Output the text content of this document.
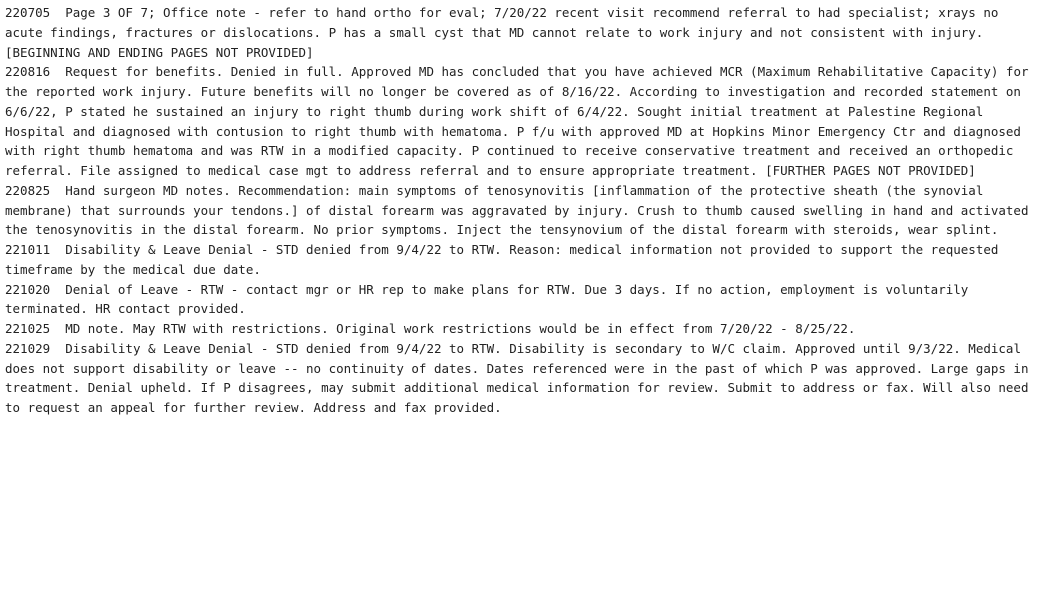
220705	Page 3 OF 7; Office note - refer to hand ortho for eval; 7/20/22 recent visit recommend referral to had specialist; xrays no acute findings, fractures or dislocations. P has a small cyst that MD cannot relate to work injury and not consistent with injury. [BEGINNING AND ENDING PAGES NOT PROVIDED]
220816	Request for benefits. Denied in full. Approved MD has concluded that you have achieved MCR (Maximum Rehabilitative Capacity) for the reported work injury. Future benefits will no longer be covered as of 8/16/22. According to investigation and recorded statement on 6/6/22, P stated he sustained an injury to right thumb during work shift of 6/4/22. Sought initial treatment at Palestine Regional Hospital and diagnosed with contusion to right thumb with hematoma. P f/u with approved MD at Hopkins Minor Emergency Ctr and diagnosed with right thumb hematoma and was RTW in a modified capacity. P continued to receive conservative treatment and received an orthopedic referral. File assigned to medical case mgt to address referral and to ensure appropriate treatment. [FURTHER PAGES NOT PROVIDED]
220825	Hand surgeon MD notes. Recommendation: main symptoms of tenosynovitis [inflammation of the protective sheath (the synovial membrane) that surrounds your tendons.] of distal forearm was aggravated by injury. Crush to thumb caused swelling in hand and activated the tenosynovitis in the distal forearm. No prior symptoms. Inject the tensynovium of the distal forearm with steroids, wear splint.
221011	Disability & Leave Denial - STD denied from 9/4/22 to RTW. Reason: medical information not provided to support the requested timeframe by the medical due date.
221020	Denial of Leave - RTW - contact mgr or HR rep to make plans for RTW. Due 3 days. If no action, employment is voluntarily terminated. HR contact provided.
221025	MD note. May RTW with restrictions. Original work restrictions would be in effect from 7/20/22 - 8/25/22.
221029	Disability & Leave Denial - STD denied from 9/4/22 to RTW. Disability is secondary to W/C claim. Approved until 9/3/22. Medical does not support disability or leave -- no continuity of dates. Dates referenced were in the past of which P was approved. Large gaps in treatment. Denial upheld. If P disagrees, may submit additional medical information for review. Submit to address or fax. Will also need to request an appeal for further review. Address and fax provided.
